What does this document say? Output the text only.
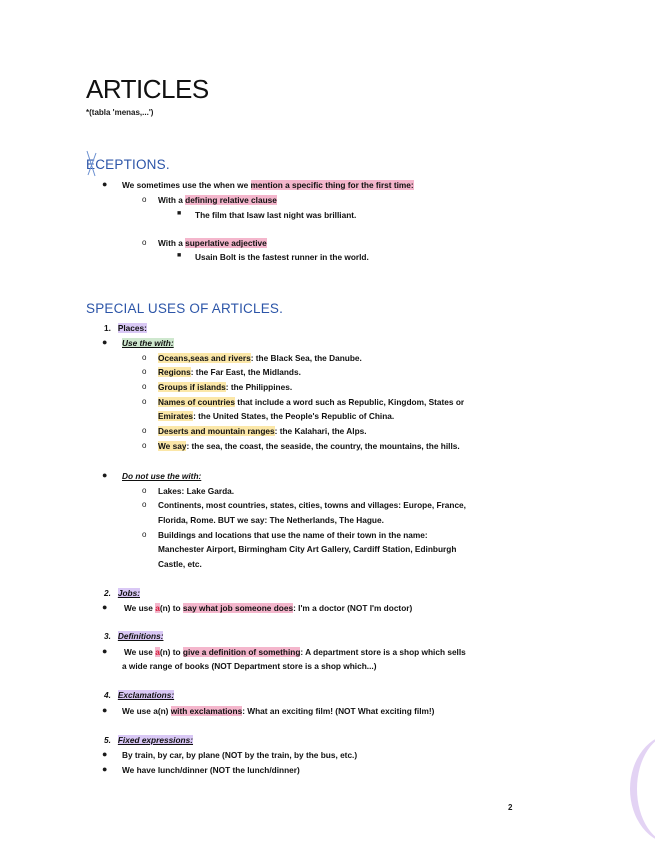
ARTICLES
*(tabla 'menas,...')
ECEPTIONS.
● We sometimes use the when we mention a specific thing for the first time:
o With a defining relative clause
■ The film that Isaw last night was brilliant.
o With a superlative adjective
■ Usain Bolt is the fastest runner in the world.
SPECIAL USES OF ARTICLES.
1. Places:
● Use the with:
o Oceans,seas and rivers: the Black Sea, the Danube.
o Regions: the Far East, the Midlands.
o Groups if islands: the Philippines.
o Names of countries that include a word such as Republic, Kingdom, States or
Emirates: the United States, the People's Republic of China.
o Deserts and mountain ranges: the Kalahari, the Alps.
o We say: the sea, the coast, the seaside, the country, the mountains, the hills.
● Do not use the with:
o Lakes: Lake Garda.
o Continents, most countries, states, cities, towns and villages: Europe, France,
Florida, Rome. BUT we say: The Netherlands, The Hague.
o Buildings and locations that use the name of their town in the name:
Manchester Airport, Birmingham City Art Gallery, Cardiff Station, Edinburgh
Castle, etc.
2. Jobs:
● We use a(n) to say what job someone does: I'm a doctor (NOT I'm doctor)
3. Definitions:
● We use a(n) to give a definition of something: A department store is a shop which sells
a wide range of books (NOT Department store is a shop which...)
4. Exclamations:
● We use a(n) with exclamations: What an exciting film! (NOT What exciting film!)
5. Fixed expressions:
● By train, by car, by plane (NOT by the train, by the bus, etc.)
● We have lunch/dinner (NOT the lunch/dinner)
2
